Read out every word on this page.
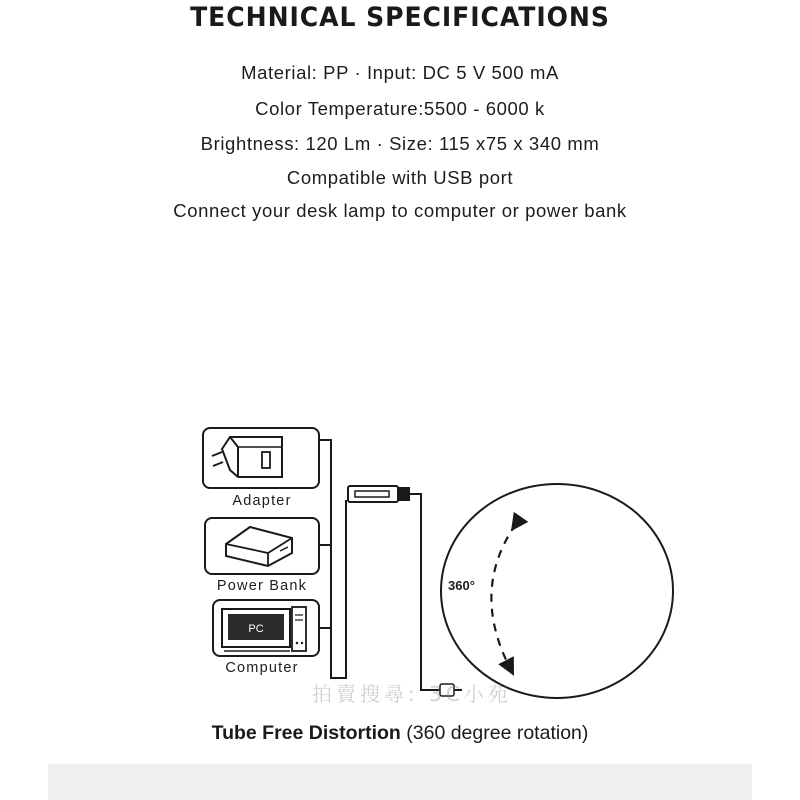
TECHNICAL SPECIFICATIONS
Material: PP · Input: DC 5 V 500 mA
Color Temperature:5500 - 6000 k
Brightness: 120 Lm · Size: 115 x75 x 340 mm
Compatible with USB port
Connect your desk lamp to computer or power bank
PC
Adapter
Power Bank
Computer
360°
拍賣搜尋: 3C小苑
Tube Free Distortion (360 degree rotation)
